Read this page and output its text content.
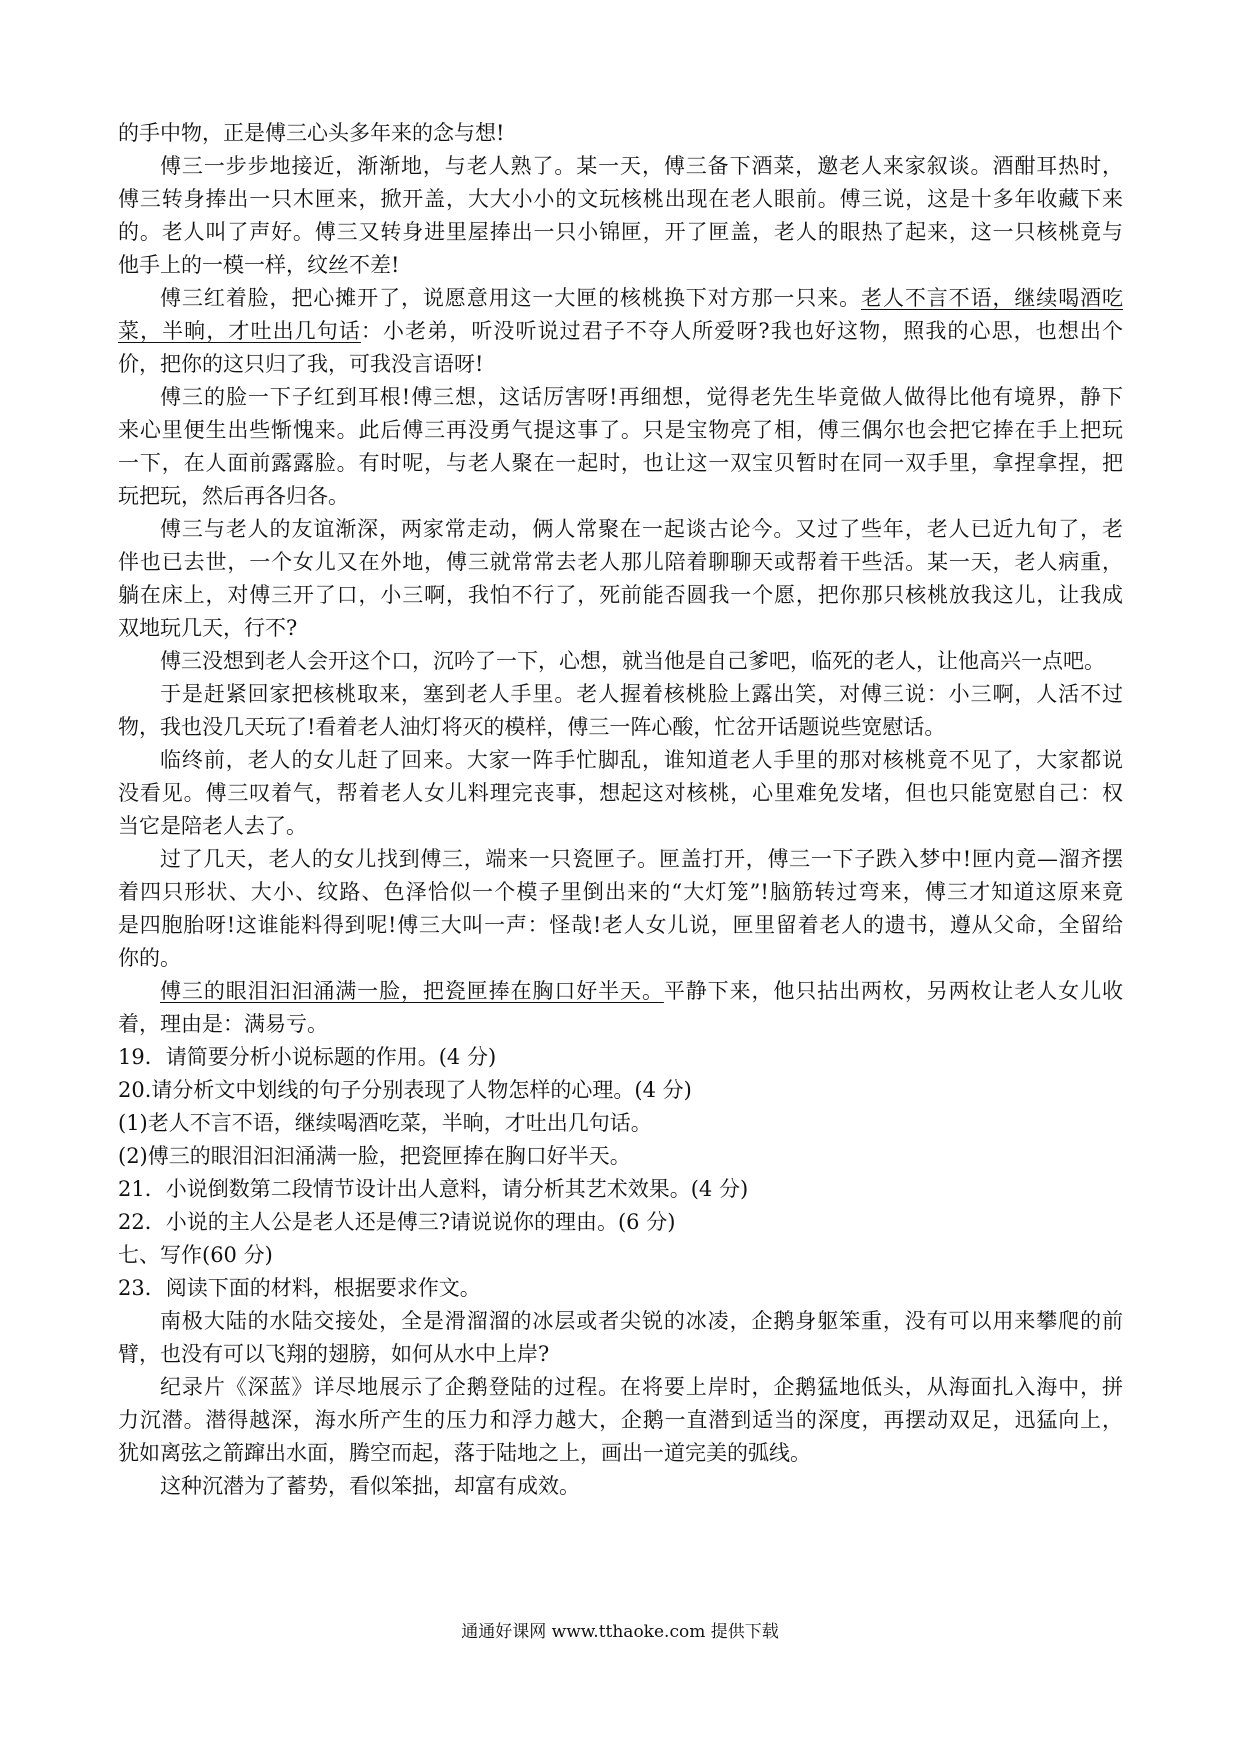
的手中物，正是傅三心头多年来的念与想!
傅三一步步地接近，渐渐地，与老人熟了。某一天，傅三备下酒菜，邀老人来家叙谈。酒酣耳热时，
傅三转身捧出一只木匣来，掀开盖，大大小小的文玩核桃出现在老人眼前。傅三说，这是十多年收藏下来
的。老人叫了声好。傅三又转身进里屋捧出一只小锦匣，开了匣盖，老人的眼热了起来，这一只核桃竟与
他手上的一模一样，纹丝不差!
傅三红着脸，把心摊开了，说愿意用这一大匣的核桃换下对方那一只来。老人不言不语，继续喝酒吃
菜，半晌，才吐出几句话：小老弟，听没听说过君子不夺人所爱呀?我也好这物，照我的心思，也想出个
价，把你的这只归了我，可我没言语呀!
傅三的脸一下子红到耳根!傅三想，这话厉害呀!再细想，觉得老先生毕竟做人做得比他有境界，静下
来心里便生出些惭愧来。此后傅三再没勇气提这事了。只是宝物亮了相，傅三偶尔也会把它捧在手上把玩
一下，在人面前露露脸。有时呢，与老人聚在一起时，也让这一双宝贝暂时在同一双手里，拿捏拿捏，把
玩把玩，然后再各归各。
傅三与老人的友谊渐深，两家常走动，俩人常聚在一起谈古论今。又过了些年，老人已近九旬了，老
伴也已去世，一个女儿又在外地，傅三就常常去老人那儿陪着聊聊天或帮着干些活。某一天，老人病重，
躺在床上，对傅三开了口，小三啊，我怕不行了，死前能否圆我一个愿，把你那只核桃放我这儿，让我成
双地玩几天，行不?
傅三没想到老人会开这个口，沉吟了一下，心想，就当他是自己爹吧，临死的老人，让他高兴一点吧。
于是赶紧回家把核桃取来，塞到老人手里。老人握着核桃脸上露出笑，对傅三说：小三啊，人活不过
物，我也没几天玩了!看着老人油灯将灭的模样，傅三一阵心酸，忙岔开话题说些宽慰话。
临终前，老人的女儿赶了回来。大家一阵手忙脚乱，谁知道老人手里的那对核桃竟不见了，大家都说
没看见。傅三叹着气，帮着老人女儿料理完丧事，想起这对核桃，心里难免发堵，但也只能宽慰自己：权
当它是陪老人去了。
过了几天，老人的女儿找到傅三，端来一只瓷匣子。匣盖打开，傅三一下子跌入梦中!匣内竟—溜齐摆
着四只形状、大小、纹路、色泽恰似一个模子里倒出来的“大灯笼”!脑筋转过弯来，傅三才知道这原来竟
是四胞胎呀!这谁能料得到呢!傅三大叫一声：怪哉!老人女儿说，匣里留着老人的遗书，遵从父命，全留给
你的。
傅三的眼泪汩汩涌满一脸，把瓷匣捧在胸口好半天。平静下来，他只拈出两枚，另两枚让老人女儿收
着，理由是：满易亏。
19．请简要分析小说标题的作用。(4 分)
20.请分析文中划线的句子分别表现了人物怎样的心理。(4 分)
(1)老人不言不语，继续喝酒吃菜，半晌，才吐出几句话。
(2)傅三的眼泪汩汩涌满一脸，把瓷匣捧在胸口好半天。
21．小说倒数第二段情节设计出人意料，请分析其艺术效果。(4 分)
22．小说的主人公是老人还是傅三?请说说你的理由。(6 分)
七、写作(60 分)
23．阅读下面的材料，根据要求作文。
南极大陆的水陆交接处，全是滑溜溜的冰层或者尖锐的冰凌，企鹅身躯笨重，没有可以用来攀爬的前
臂，也没有可以飞翔的翅膀，如何从水中上岸?
纪录片《深蓝》详尽地展示了企鹅登陆的过程。在将要上岸时，企鹅猛地低头，从海面扎入海中，拼
力沉潜。潜得越深，海水所产生的压力和浮力越大，企鹅一直潜到适当的深度，再摆动双足，迅猛向上，
犹如离弦之箭蹿出水面，腾空而起，落于陆地之上，画出一道完美的弧线。
这种沉潜为了蓄势，看似笨拙，却富有成效。
通通好课网 www.tthaoke.com 提供下载
